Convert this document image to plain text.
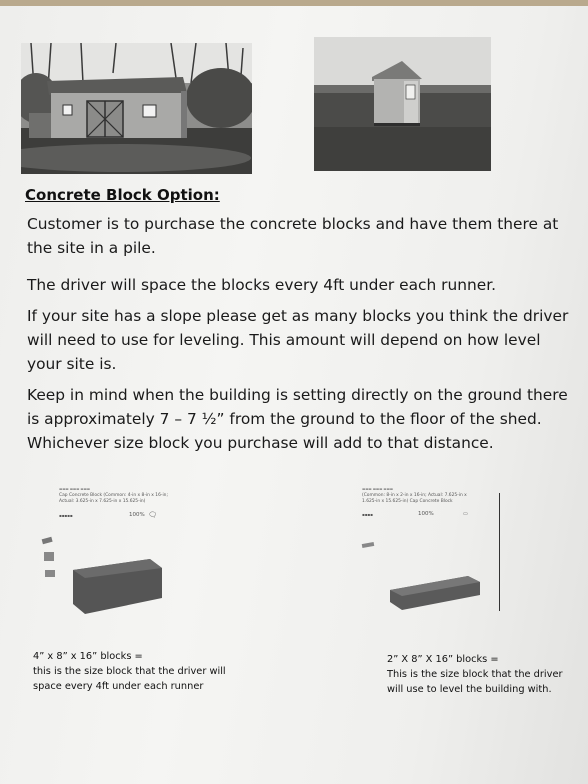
Concrete Block Option:
Customer is to purchase the concrete blocks and have them there at the site in a pile.
The driver will space the blocks every 4ft under each runner.
If your site has a slope please get as many blocks you think the driver will need to use for leveling. This amount will depend on how level your site is.
Keep in mind when the building is setting directly on the ground there is approximately 7 – 7 ½” from the ground to the floor of the shed. Whichever size block you purchase will add to that distance.
▬▬▬ ▬▬▬ ▬▬▬
Cap Concrete Block (Common: 4-in x 8-in x 16-in;
Actual: 3.625-in x 7.625-in x 15.625-in)
▪▪▪▪▪	100% 🗨
▬▬▬ ▬▬▬ ▬▬▬
(Common: 8-in x 2-in x 16-in; Actual: 7.625-in x
1.625-in x 15.625-in) Cap Concrete Block
▪▪▪▪	100%	▭
4” x 8” x 16” blocks =
this is the size block that the driver will
space every 4ft under each runner
2” X 8” X 16” blocks =
This is the size block that the driver
will use to level the building with.
